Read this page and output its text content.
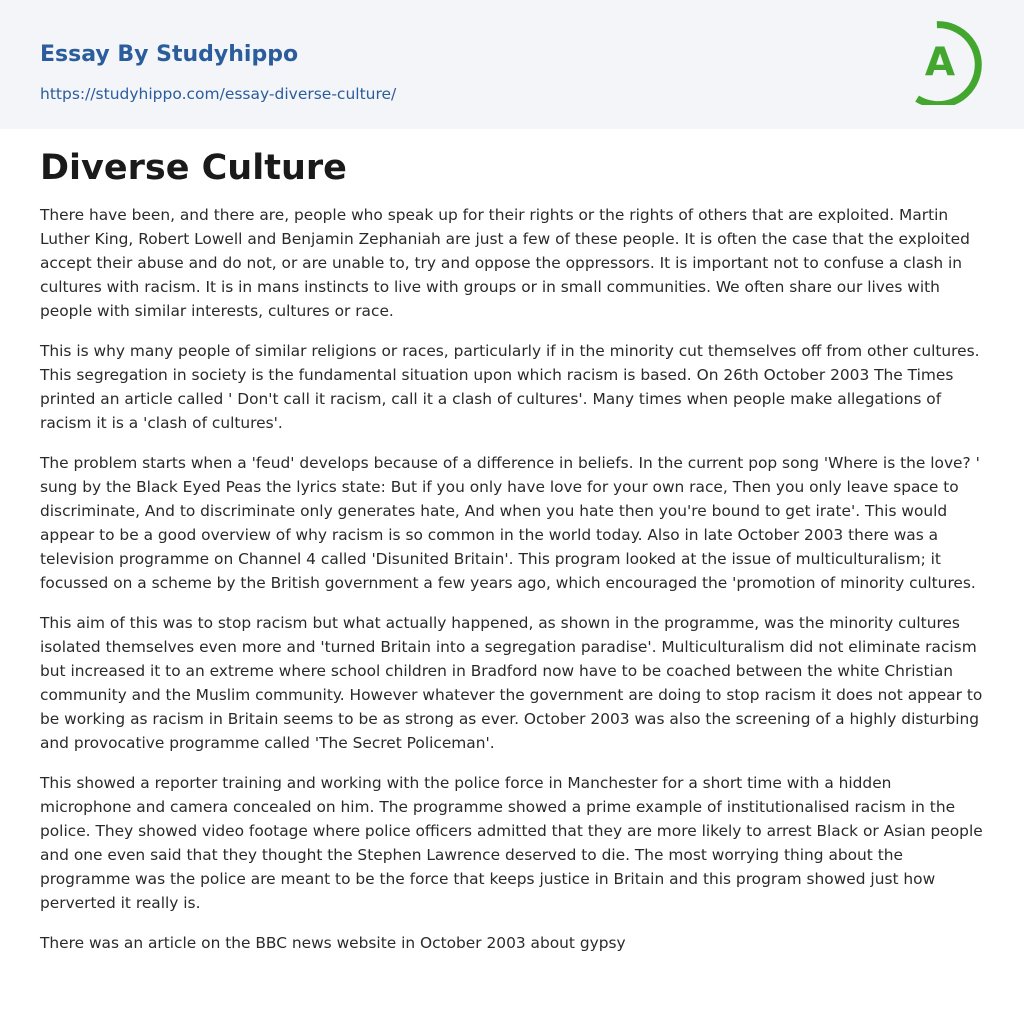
Essay By Studyhippo
https://studyhippo.com/essay-diverse-culture/
A
Diverse Culture

There have been, and there are, people who speak up for their rights or the rights of others that are exploited. Martin Luther King, Robert Lowell and Benjamin Zephaniah are just a few of these people. It is often the case that the exploited accept their abuse and do not, or are unable to, try and oppose the oppressors. It is important not to confuse a clash in cultures with racism. It is in mans instincts to live with groups or in small communities. We often share our lives with people with similar interests, cultures or race.

This is why many people of similar religions or races, particularly if in the minority cut themselves off from other cultures. This segregation in society is the fundamental situation upon which racism is based. On 26th October 2003 The Times printed an article called ' Don't call it racism, call it a clash of cultures'. Many times when people make allegations of racism it is a 'clash of cultures'.

The problem starts when a 'feud' develops because of a difference in beliefs. In the current pop song 'Where is the love? ' sung by the Black Eyed Peas the lyrics state: But if you only have love for your own race, Then you only leave space to discriminate, And to discriminate only generates hate, And when you hate then you're bound to get irate'. This would appear to be a good overview of why racism is so common in the world today. Also in late October 2003 there was a television programme on Channel 4 called 'Disunited Britain'. This program looked at the issue of multiculturalism; it focussed on a scheme by the British government a few years ago, which encouraged the 'promotion of minority cultures.

This aim of this was to stop racism but what actually happened, as shown in the programme, was the minority cultures isolated themselves even more and 'turned Britain into a segregation paradise'. Multiculturalism did not eliminate racism but increased it to an extreme where school children in Bradford now have to be coached between the white Christian community and the Muslim community. However whatever the government are doing to stop racism it does not appear to be working as racism in Britain seems to be as strong as ever. October 2003 was also the screening of a highly disturbing and provocative programme called 'The Secret Policeman'.

This showed a reporter training and working with the police force in Manchester for a short time with a hidden microphone and camera concealed on him. The programme showed a prime example of institutionalised racism in the police. They showed video footage where police officers admitted that they are more likely to arrest Black or Asian people and one even said that they thought the Stephen Lawrence deserved to die. The most worrying thing about the programme was the police are meant to be the force that keeps justice in Britain and this program showed just how perverted it really is.

There was an article on the BBC news website in October 2003 about gypsy
